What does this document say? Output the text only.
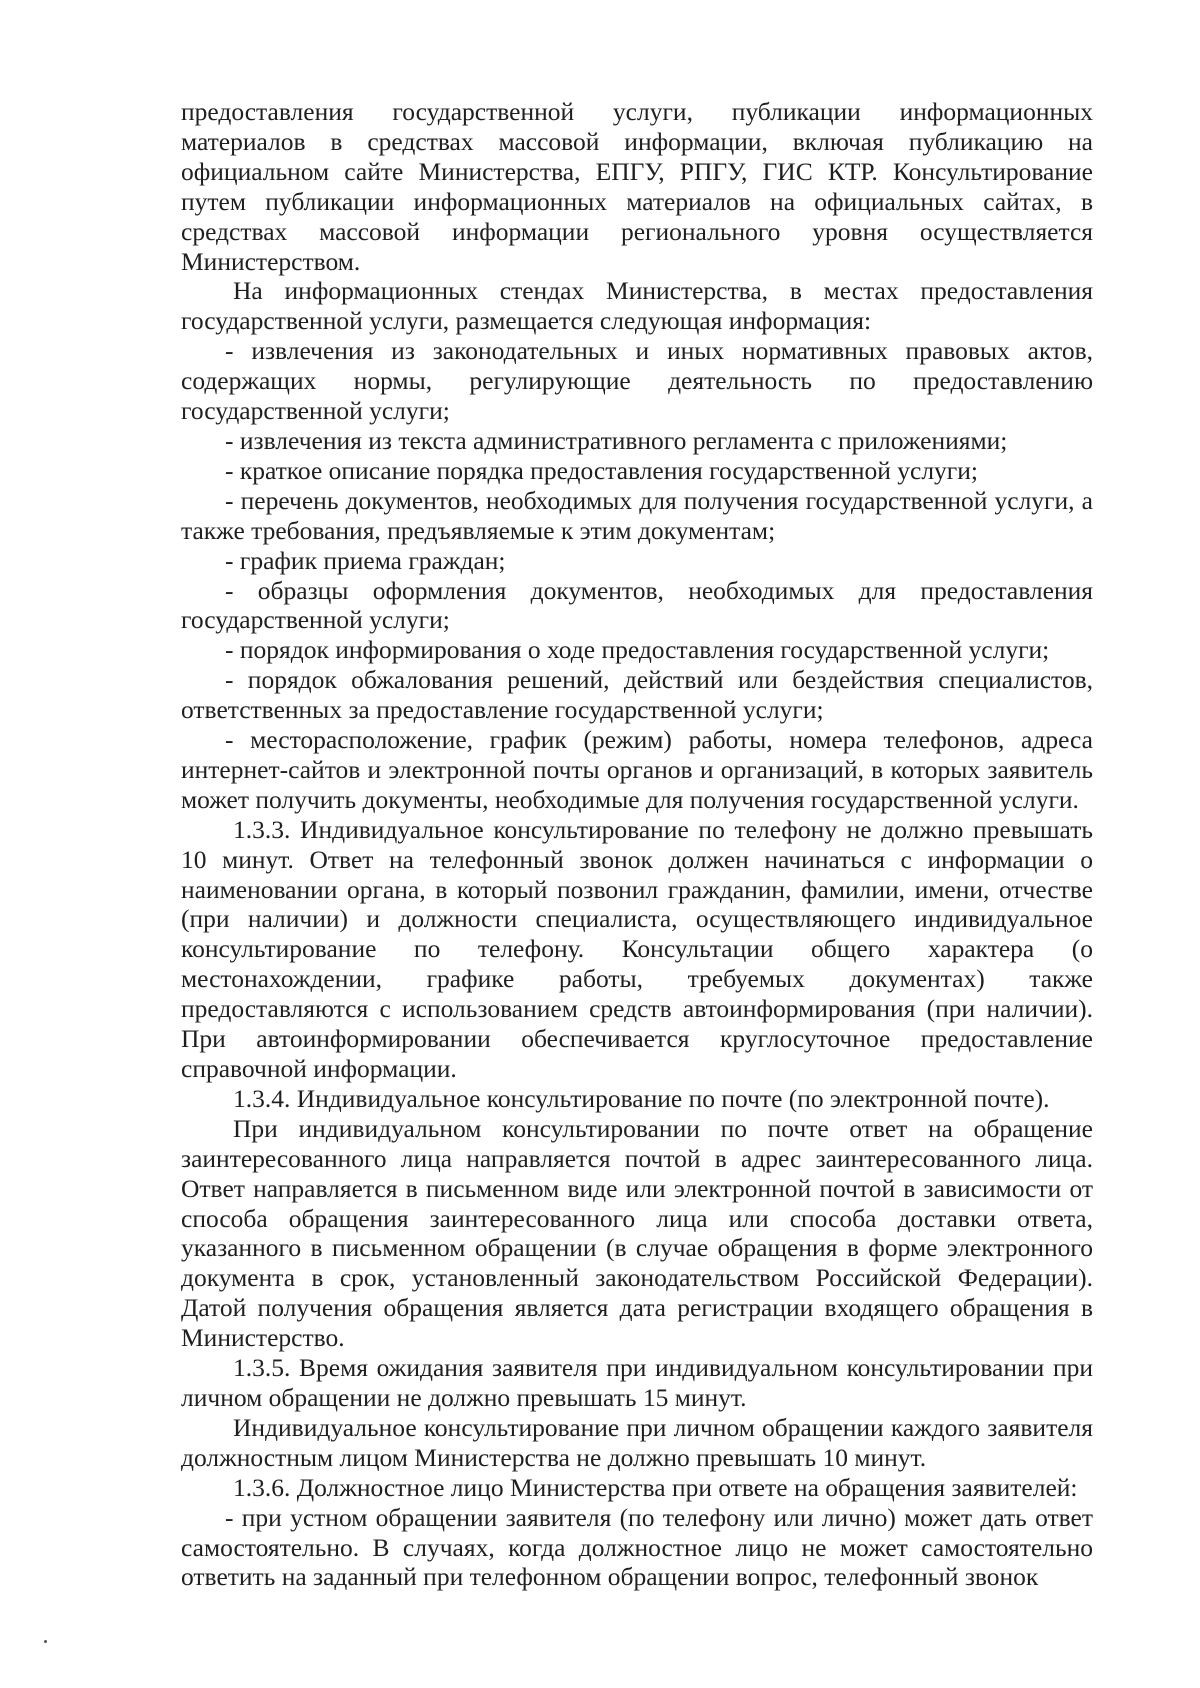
предоставления государственной услуги, публикации информационных материалов в средствах массовой информации, включая публикацию на официальном сайте Министерства, ЕПГУ, РПГУ, ГИС КТР. Консультирование путем публикации информационных материалов на официальных сайтах, в средствах массовой информации регионального уровня осуществляется Министерством.

На информационных стендах Министерства, в местах предоставления государственной услуги, размещается следующая информация:

- извлечения из законодательных и иных нормативных правовых актов, содержащих нормы, регулирующие деятельность по предоставлению государственной услуги;

- извлечения из текста административного регламента с приложениями;

- краткое описание порядка предоставления государственной услуги;

- перечень документов, необходимых для получения государственной услуги, а также требования, предъявляемые к этим документам;

- график приема граждан;

- образцы оформления документов, необходимых для предоставления государственной услуги;

- порядок информирования о ходе предоставления государственной услуги;

- порядок обжалования решений, действий или бездействия специалистов, ответственных за предоставление государственной услуги;

- месторасположение, график (режим) работы, номера телефонов, адреса интернет-сайтов и электронной почты органов и организаций, в которых заявитель может получить документы, необходимые для получения государственной услуги.

1.3.3. Индивидуальное консультирование по телефону не должно превышать 10 минут. Ответ на телефонный звонок должен начинаться с информации о наименовании органа, в который позвонил гражданин, фамилии, имени, отчестве (при наличии) и должности специалиста, осуществляющего индивидуальное консультирование по телефону. Консультации общего характера (о местонахождении, графике работы, требуемых документах) также предоставляются с использованием средств автоинформирования (при наличии). При автоинформировании обеспечивается круглосуточное предоставление справочной информации.

1.3.4. Индивидуальное консультирование по почте (по электронной почте).

При индивидуальном консультировании по почте ответ на обращение заинтересованного лица направляется почтой в адрес заинтересованного лица. Ответ направляется в письменном виде или электронной почтой в зависимости от способа обращения заинтересованного лица или способа доставки ответа, указанного в письменном обращении (в случае обращения в форме электронного документа в срок, установленный законодательством Российской Федерации). Датой получения обращения является дата регистрации входящего обращения в Министерство.

1.3.5. Время ожидания заявителя при индивидуальном консультировании при личном обращении не должно превышать 15 минут.

Индивидуальное консультирование при личном обращении каждого заявителя должностным лицом Министерства не должно превышать 10 минут.

1.3.6. Должностное лицо Министерства при ответе на обращения заявителей:

- при устном обращении заявителя (по телефону или лично) может дать ответ самостоятельно. В случаях, когда должностное лицо не может самостоятельно ответить на заданный при телефонном обращении вопрос, телефонный звонок
